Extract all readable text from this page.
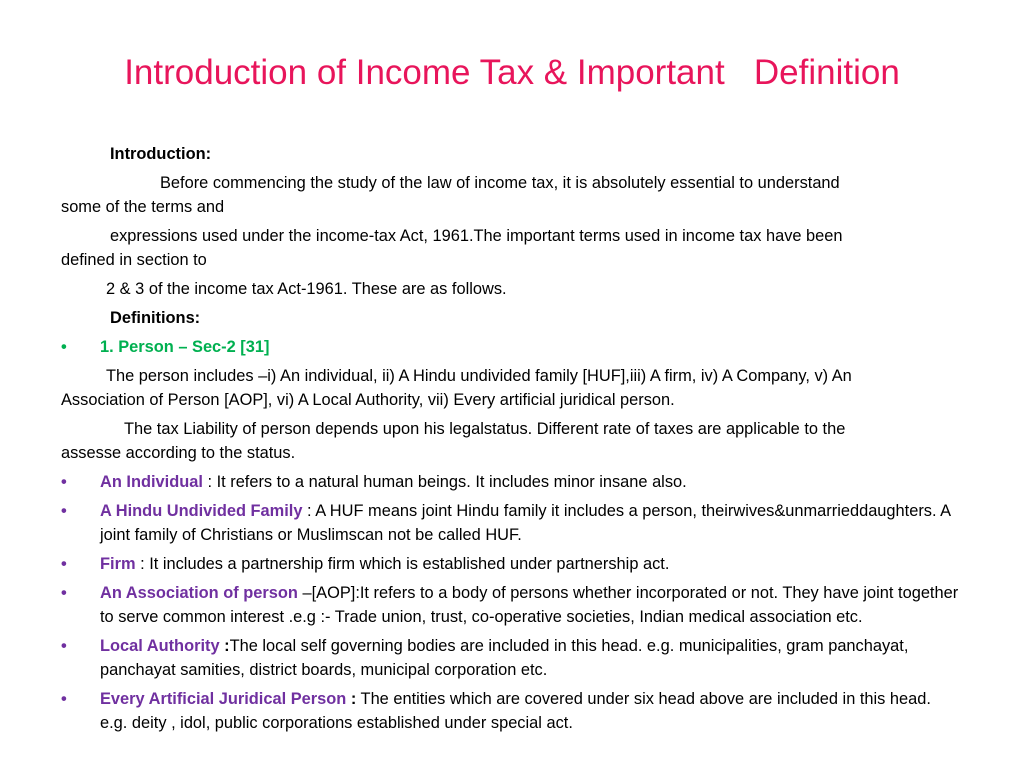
Introduction of Income Tax & Important   Definition
Introduction:
Before commencing the study of the law of income tax, it is absolutely essential to understand
some of the terms and
expressions used under the income-tax Act, 1961.The important terms used in income tax have been
defined in section to
2 & 3 of the income tax Act-1961. These are as follows.
Definitions:
• 1. Person – Sec-2 [31]
The person includes –i) An individual, ii) A Hindu undivided family [HUF],iii) A firm, iv) A Company, v) An
Association of Person [AOP], vi) A Local Authority, vii) Every artificial juridical person.
The tax Liability of person depends upon his legalstatus. Different rate of taxes are applicable to the
assesse according to the status.
• An Individual : It refers to a natural human beings. It includes minor insane also.
• A Hindu Undivided Family : A HUF means joint Hindu family it includes a person, theirwives&unmarrieddaughters. A joint family of Christians or Muslimscan not be called HUF.
• Firm : It includes a partnership firm which is established under partnership act.
• An Association of person –[AOP]:It refers to a body of persons whether incorporated or not. They have joint together to serve common interest .e.g :- Trade union, trust, co-operative societies, Indian medical association etc.
• Local Authority :The local self governing bodies are included in this head. e.g. municipalities, gram panchayat, panchayat samities, district boards, municipal corporation etc.
• Every Artificial Juridical Person : The entities which are covered under six head above are included in this head. e.g. deity , idol, public corporations established under special act.
